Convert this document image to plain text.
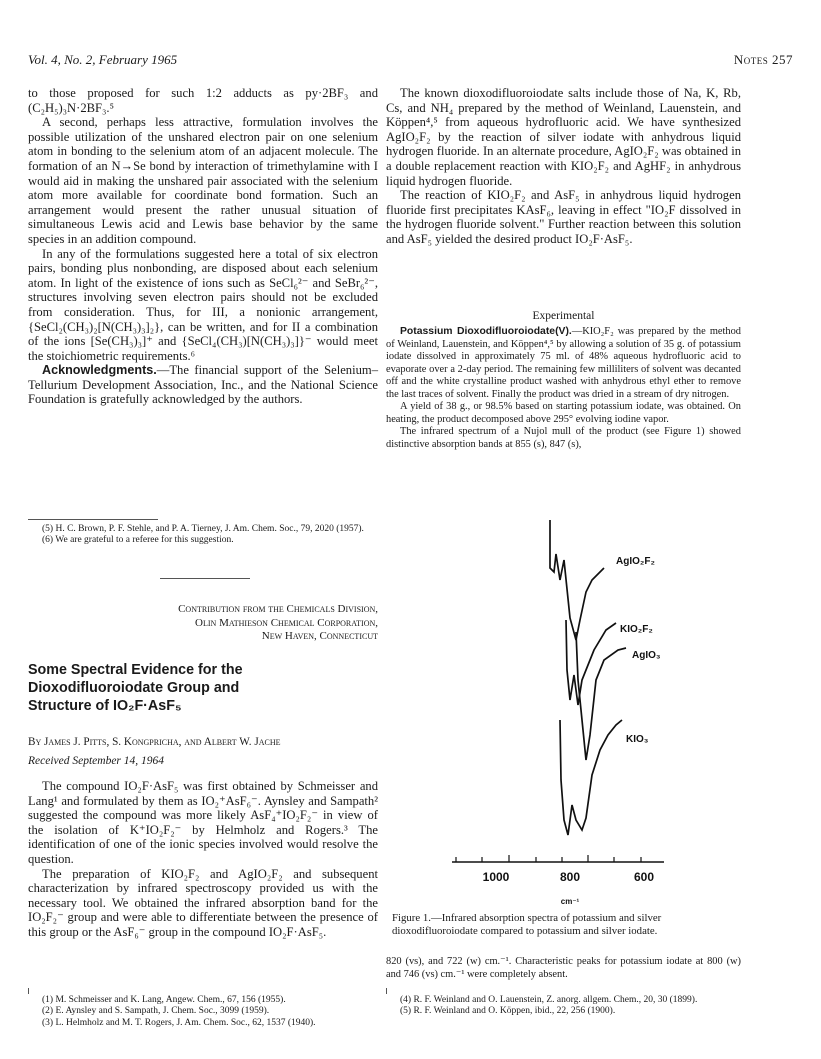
Vol. 4, No. 2, February 1965	Notes 257

to those proposed for such 1:2 adducts as py·2BF₃ and (C₂H₅)₃N·2BF₃.⁵

A second, perhaps less attractive, formulation involves the possible utilization of the unshared electron pair on one selenium atom in bonding to the selenium atom of an adjacent molecule. The formation of an N→Se bond by interaction of trimethylamine with I would aid in making the unshared pair associated with the selenium atom more available for coordinate bond formation. Such an arrangement would present the rather unusual situation of simultaneous Lewis acid and Lewis base behavior by the same species in an addition compound.

In any of the formulations suggested here a total of six electron pairs, bonding plus nonbonding, are disposed about each selenium atom. In light of the existence of ions such as SeCl₆²⁻ and SeBr₆²⁻, structures involving seven electron pairs should not be excluded from consideration. Thus, for III, a nonionic arrangement, {SeCl₂(CH₃)₂[N(CH₃)₃]₂}, can be written, and for II a combination of the ions [Se(CH₃)₃]⁺ and {SeCl₄(CH₃)[N(CH₃)₃]}⁻ would meet the stoichiometric requirements.⁶

Acknowledgments.—The financial support of the Selenium–Tellurium Development Association, Inc., and the National Science Foundation is gratefully acknowledged by the authors.

(5) H. C. Brown, P. F. Stehle, and P. A. Tierney, J. Am. Chem. Soc., 79, 2020 (1957).

(6) We are grateful to a referee for this suggestion.

Contribution from the Chemicals Division,

Olin Mathieson Chemical Corporation,

New Haven, Connecticut

Some Spectral Evidence for the Dioxodifluoroiodate Group and Structure of IO₂F·AsF₅
By James J. Pitts, S. Kongpricha, and Albert W. Jache
Received September 14, 1964

The compound IO₂F·AsF₅ was first obtained by Schmeisser and Lang¹ and formulated by them as IO₂⁺AsF₆⁻. Aynsley and Sampath² suggested the compound was more likely AsF₄⁺IO₂F₂⁻ in view of the isolation of K⁺IO₂F₂⁻ by Helmholz and Rogers.³ The identification of one of the ionic species involved would resolve the question.

The preparation of KIO₂F₂ and AgIO₂F₂ and subsequent characterization by infrared spectroscopy provided us with the necessary tool. We obtained the infrared absorption band for the IO₂F₂⁻ group and were able to differentiate between the presence of this group or the AsF₆⁻ group in the compound IO₂F·AsF₅.

(1) M. Schmeisser and K. Lang, Angew. Chem., 67, 156 (1955).

(2) E. Aynsley and S. Sampath, J. Chem. Soc., 3099 (1959).

(3) L. Helmholz and M. T. Rogers, J. Am. Chem. Soc., 62, 1537 (1940).

The known dioxodifluoroiodate salts include those of Na, K, Rb, Cs, and NH₄ prepared by the method of Weinland, Lauenstein, and Köppen⁴,⁵ from aqueous hydrofluoric acid. We have synthesized AgIO₂F₂ by the reaction of silver iodate with anhydrous liquid hydrogen fluoride. In an alternate procedure, AgIO₂F₂ was obtained in a double replacement reaction with KIO₂F₂ and AgHF₂ in anhydrous liquid hydrogen fluoride.

The reaction of KIO₂F₂ and AsF₅ in anhydrous liquid hydrogen fluoride first precipitates KAsF₆, leaving in effect "IO₂F dissolved in the hydrogen fluoride solvent." Further reaction between this solution and AsF₅ yielded the desired product IO₂F·AsF₅.

Experimental

Potassium Dioxodifluoroiodate(V).—KIO₂F₂ was prepared by the method of Weinland, Lauenstein, and Köppen⁴,⁵ by allowing a solution of 35 g. of potassium iodate dissolved in approximately 75 ml. of 48% aqueous hydrofluoric acid to evaporate over a 2-day period. The remaining few milliliters of solvent was decanted off and the white crystalline product washed with anhydrous ethyl ether to remove the last traces of solvent. Finally the product was dried in a stream of dry nitrogen.

A yield of 38 g., or 98.5% based on starting potassium iodate, was obtained. On heating, the product decomposed above 295° evolving iodine vapor.

The infrared spectrum of a Nujol mull of the product (see Figure 1) showed distinctive absorption bands at 855 (s), 847 (s),

AgIO₂F₂
KIO₂F₂
AgIO₃
KIO₃
1000	800	600
cm⁻¹
Figure 1.—Infrared absorption spectra of potassium and silver dioxodifluoroiodate compared to potassium and silver iodate.

820 (vs), and 722 (w) cm.⁻¹. Characteristic peaks for potassium iodate at 800 (w) and 746 (vs) cm.⁻¹ were completely absent.

(4) R. F. Weinland and O. Lauenstein, Z. anorg. allgem. Chem., 20, 30 (1899).

(5) R. F. Weinland and O. Köppen, ibid., 22, 256 (1900).
